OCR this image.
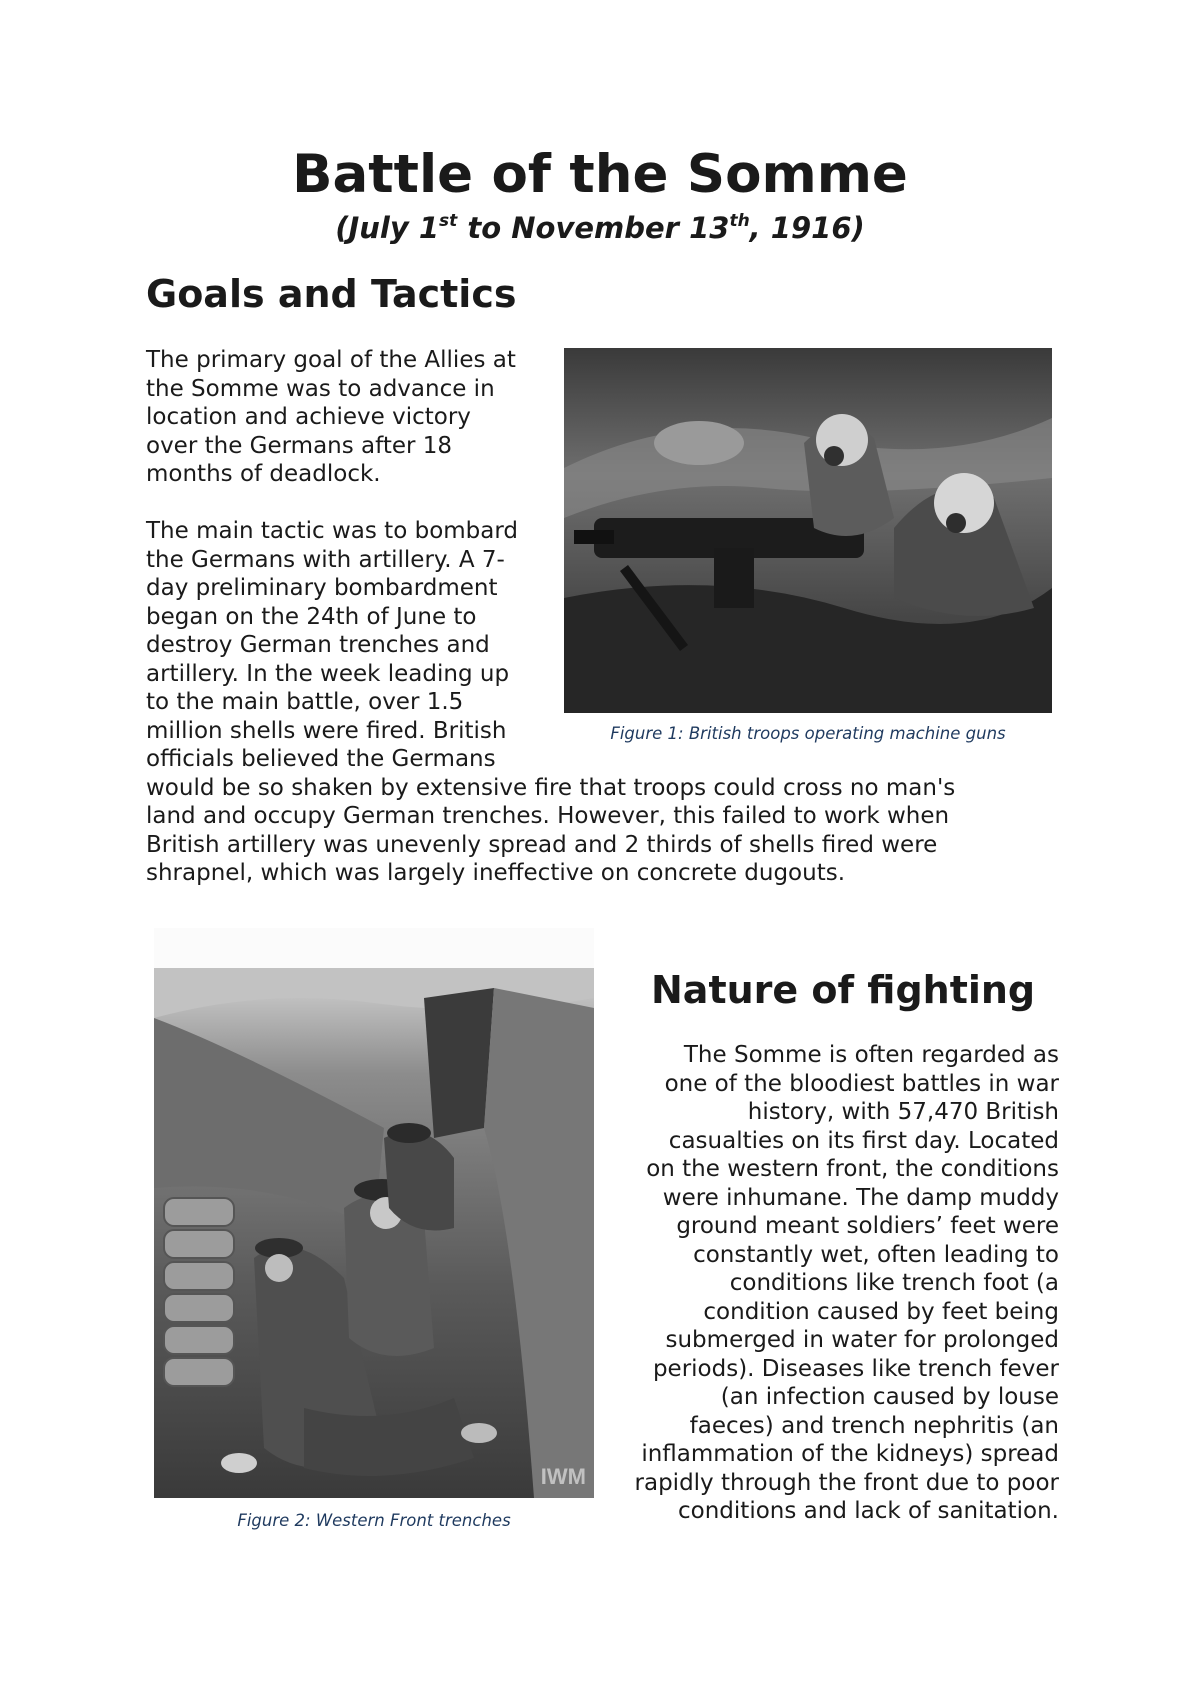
Battle of the Somme

(July 1st to November 13th, 1916)

Goals and Tactics

The primary goal of the Allies at
the Somme was to advance in
location and achieve victory
over the Germans after 18
months of deadlock.

The main tactic was to bombard
the Germans with artillery. A 7-
day preliminary bombardment
began on the 24th of June to
destroy German trenches and
artillery. In the week leading up
to the main battle, over 1.5
million shells were fired. British
officials believed the Germans
would be so shaken by extensive fire that troops could cross no man's
land and occupy German trenches. However, this failed to work when
British artillery was unevenly spread and 2 thirds of shells fired were
shrapnel, which was largely ineffective on concrete dugouts.

Figure 1: British troops operating machine guns

Nature of fighting

The Somme is often regarded as
one of the bloodiest battles in war
history, with 57,470 British
casualties on its first day. Located
on the western front, the conditions
were inhumane. The damp muddy
ground meant soldiers’ feet were
constantly wet, often leading to
conditions like trench foot (a
condition caused by feet being
submerged in water for prolonged
periods). Diseases like trench fever
(an infection caused by louse
faeces) and trench nephritis (an
inflammation of the kidneys) spread
rapidly through the front due to poor
conditions and lack of sanitation.

IWM

Figure 2: Western Front trenches
